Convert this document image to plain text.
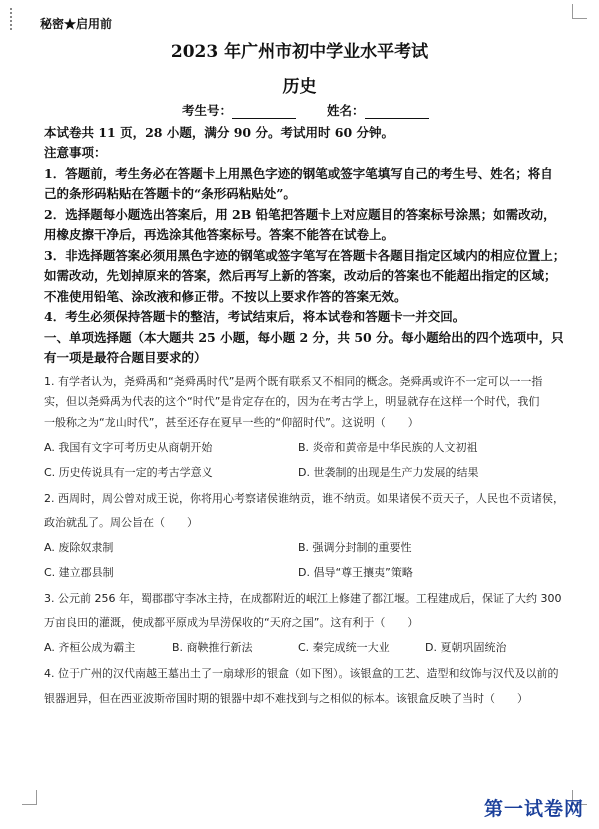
秘密★启用前
2023 年广州市初中学业水平考试
历史
考生号：	姓名：
本试卷共 11 页，28 小题，满分 90 分。考试用时 60 分钟。
注意事项：
1．答题前，考生务必在答题卡上用黑色字迹的钢笔或签字笔填写自己的考生号、姓名；将自
己的条形码粘贴在答题卡的“条形码粘贴处”。
2．选择题每小题选出答案后，用 2B 铅笔把答题卡上对应题目的答案标号涂黑；如需改动，
用橡皮擦干净后，再选涂其他答案标号。答案不能答在试卷上。
3．非选择题答案必须用黑色字迹的钢笔或签字笔写在答题卡各题目指定区域内的相应位置上；
如需改动，先划掉原来的答案，然后再写上新的答案，改动后的答案也不能超出指定的区域；
不准使用铅笔、涂改液和修正带。不按以上要求作答的答案无效。
4．考生必须保持答题卡的整洁，考试结束后，将本试卷和答题卡一并交回。
一、单项选择题（本大题共 25 小题，每小题 2 分，共 50 分。每小题给出的四个选项中，只
有一项是最符合题目要求的）
1. 有学者认为，尧舜禹和“尧舜禹时代”是两个既有联系又不相同的概念。尧舜禹或许不一定可以一一指
实，但以尧舜禹为代表的这个“时代”是肯定存在的，因为在考古学上，明显就存在这样一个时代，我们
一般称之为“龙山时代”，甚至还存在夏早一些的“仰韶时代”。这说明（　　）
A. 我国有文字可考历史从商朝开始	B. 炎帝和黄帝是中华民族的人文初祖
C. 历史传说具有一定的考古学意义	D. 世袭制的出现是生产力发展的结果
2. 西周时，周公曾对成王说，你将用心考察诸侯谁纳贡，谁不纳贡。如果诸侯不贡天子，人民也不贡诸侯，
政治就乱了。周公旨在（　　）
A. 废除奴隶制	B. 强调分封制的重要性
C. 建立郡县制	D. 倡导“尊王攘夷”策略
3. 公元前 256 年，蜀郡郡守李冰主持，在成都附近的岷江上修建了都江堰。工程建成后，保证了大约 300
万亩良田的灌溉，使成都平原成为旱涝保收的“天府之国”。这有利于（　　）
A. 齐桓公成为霸主	B. 商鞅推行新法	C. 秦完成统一大业	D. 夏朝巩固统治
4. 位于广州的汉代南越王墓出土了一扇球形的银盒（如下图）。该银盒的工艺、造型和纹饰与汉代及以前的
银器迥异，但在西亚波斯帝国时期的银器中却不难找到与之相似的标本。该银盒反映了当时（　　）
第一试卷网
